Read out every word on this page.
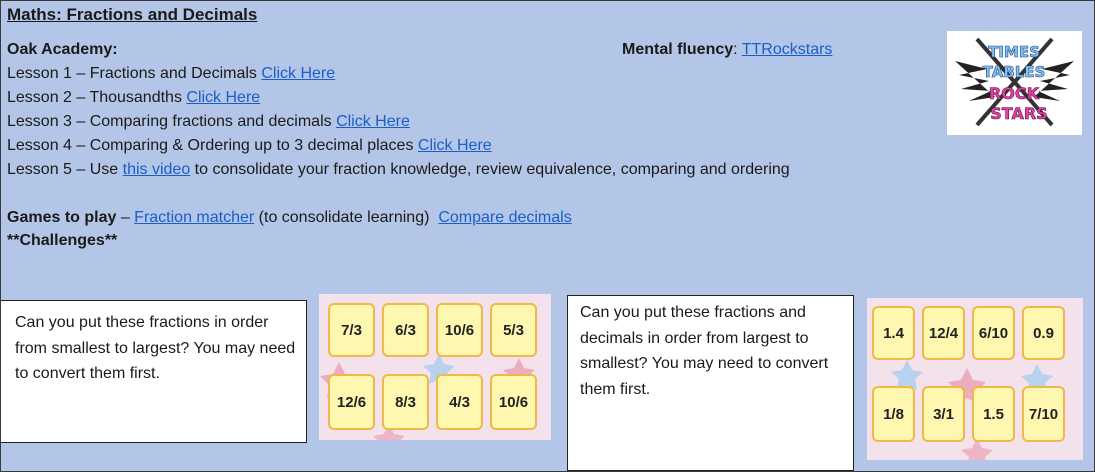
Maths: Fractions and Decimals
Oak Academy:
Lesson 1 – Fractions and Decimals Click Here
Lesson 2 – Thousandths Click Here
Lesson 3 – Comparing fractions and decimals Click Here
Lesson 4 – Comparing & Ordering up to 3 decimal places Click Here
Lesson 5 – Use this video to consolidate your fraction knowledge, review equivalence, comparing and ordering
Mental fluency: TTRockstars	TIMES
TABLES
ROCK
STARS
Games to play – Fraction matcher (to consolidate learning)  Compare decimals
**Challenges**
Can you put these fractions in order from smallest to largest? You may need to convert them first.
7/3	6/3	10/6	5/3
12/6	8/3	4/3	10/6
Can you put these fractions and decimals in order from largest to smallest? You may need to convert them first.
1.4	12/4	6/10	0.9
1/8	3/1	1.5	7/10
